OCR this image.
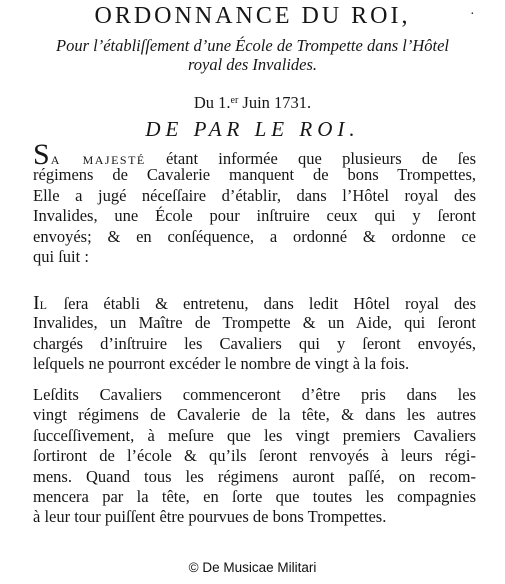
ORDONNANCE DU ROI,	·
Pour l’établiſſement d’une École de Trompette dans l’Hôtel
royal des Invalides.
Du 1.$^{er}$ Juin 1731.
DE PAR LE ROI.
Sa majesté étant informée que plusieurs de ſes
régimens de Cavalerie manquent de bons Trompettes,
Elle a jugé néceſſaire d’établir, dans l’Hôtel royal des
Invalides, une École pour inſtruire ceux qui y ſeront
envoyés; & en conſéquence, a ordonné & ordonne ce
qui ſuit :
Il ſera établi & entretenu, dans ledit Hôtel royal des
Invalides, un Maître de Trompette & un Aide, qui ſeront
chargés d’inſtruire les Cavaliers qui y ſeront envoyés,
leſquels ne pourront excéder le nombre de vingt à la fois.
Leſdits Cavaliers commenceront d’être pris dans les
vingt régimens de Cavalerie de la tête, & dans les autres
ſucceſſivement, à meſure que les vingt premiers Cavaliers
ſortiront de l’école & qu’ils ſeront renvoyés à leurs régi-
mens. Quand tous les régimens auront paſſé, on recom-
mencera par la tête, en ſorte que toutes les compagnies
à leur tour puiſſent être pourvues de bons Trompettes.
© De Musicae Militari
